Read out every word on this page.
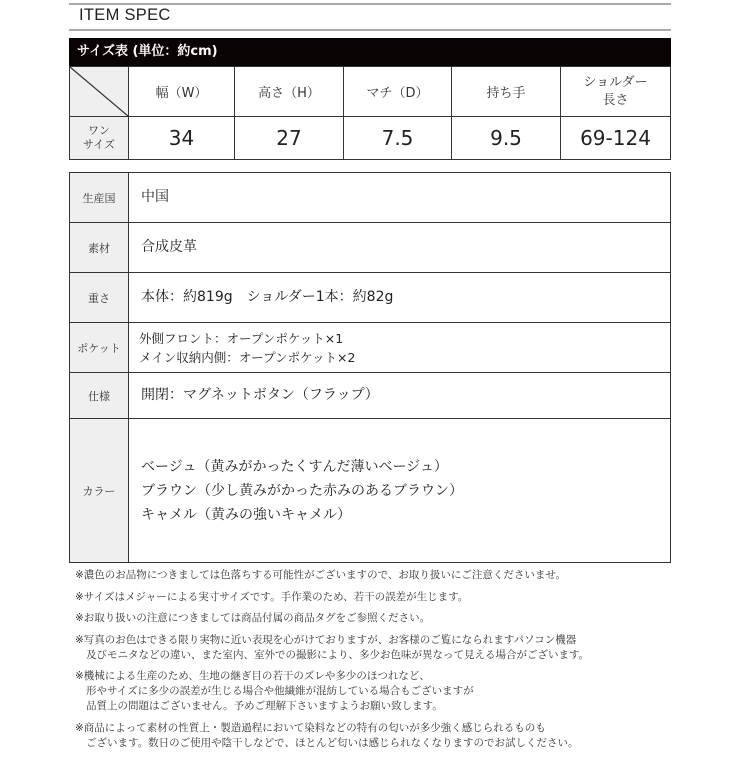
ITEM SPEC
サイズ表 (単位：約cm)
	幅（W）	高さ（H）	マチ（D）	持ち手	ショルダー
長さ

ワン
サイズ	34	27	7.5	9.5	69-124
生産国	中国
素材	合成皮革
重さ	本体：約819g　ショルダー1本：約82g
ポケット	外側フロント：オープンポケット×1
メイン収納内側：オープンポケット×2

仕様	開閉：マグネットボタン（フラップ）
カラー	ベージュ（黄みがかったくすんだ薄いベージュ）
ブラウン（少し黄みがかった赤みのあるブラウン）
キャメル（黄みの強いキャメル）
※濃色のお品物につきましては色落ちする可能性がございますので、お取り扱いにご注意くださいませ。
※サイズはメジャーによる実寸サイズです。手作業のため、若干の誤差が生じます。
※お取り扱いの注意につきましては商品付属の商品タグをご参照ください。
※写真のお色はできる限り実物に近い表現を心がけておりますが、お客様のご覧になられますパソコン機器
及びモニタなどの違い、また室内、室外での撮影により、多少お色味が異なって見える場合がございます。
※機械による生産のため、生地の継ぎ目の若干のズレや多少のほつれなど、
形やサイズに多少の誤差が生じる場合や他繊維が混紡している場合もございますが
品質上の問題はございません。予めご理解下さいますようお願い致します。
※商品によって素材の性質上・製造過程において染料などの特有の匂いが多少強く感じられるものも
ございます。数日のご使用や陰干しなどで、ほとんど匂いは感じられなくなりますのでお試しください。
